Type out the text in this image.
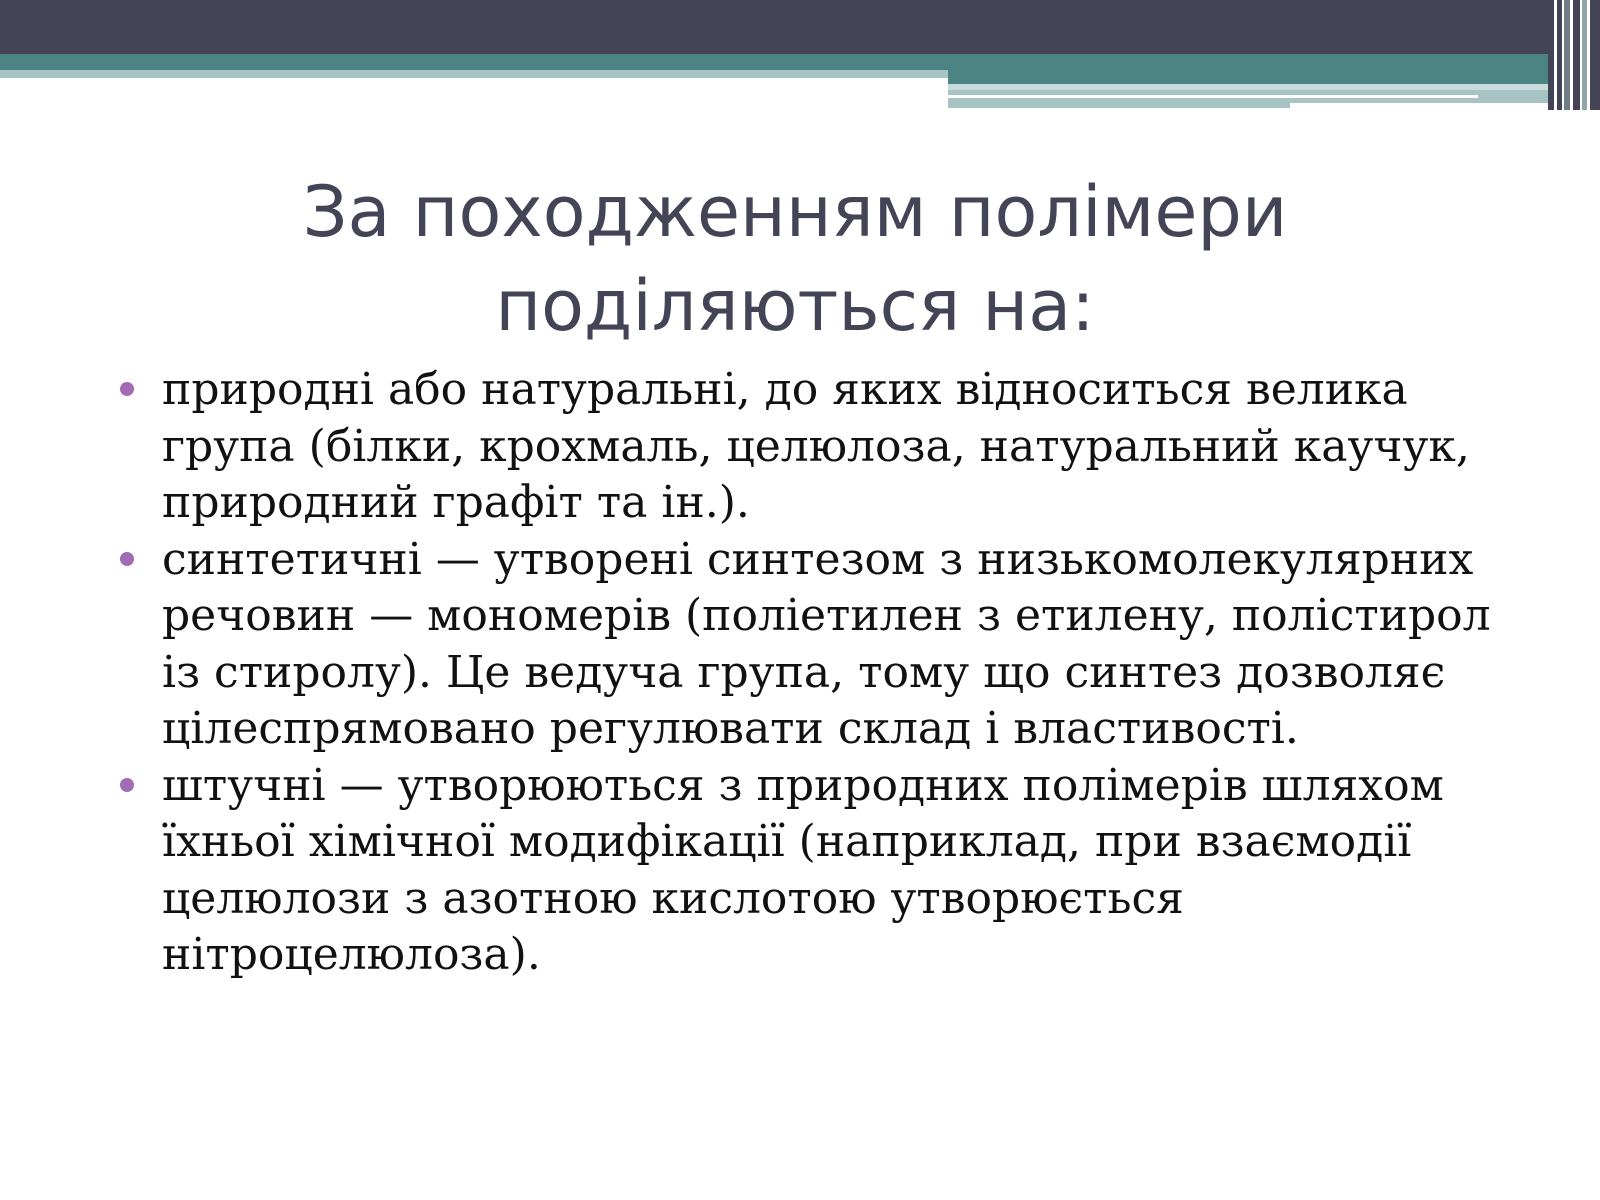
За походженням полімери
поділяються на:
природні або натуральні, до яких відноситься велика група (білки, крохмаль, целюлоза, натуральний каучук, природний графіт та ін.).
синтетичні — утворені синтезом з низькомолекулярних речовин — мономерів (поліетилен з етилену, полістирол із стиролу). Це ведуча група, тому що синтез дозволяє цілеспрямовано регулювати склад і властивості.
штучні — утворюються з природних полімерів шляхом їхньої хімічної модифікації (наприклад, при взаємодії целюлози з азотною кислотою утворюється нітроцелюлоза).
